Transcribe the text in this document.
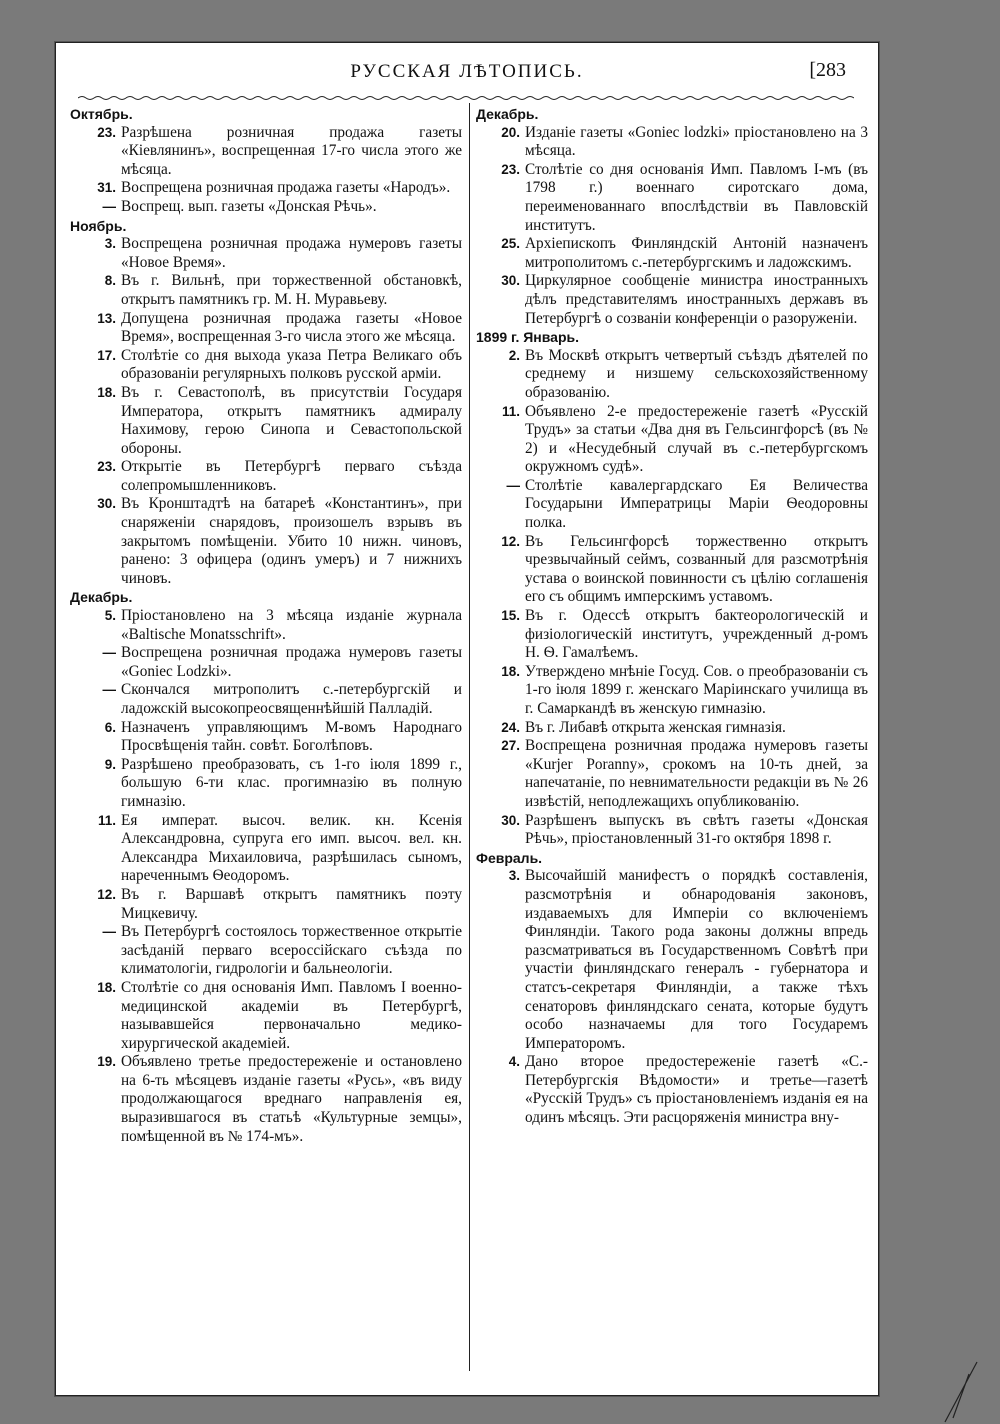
РУССКАЯ ЛѢТОПИСЬ.	[283
Октябрь.
23. Разрѣшена розничная продажа газеты «Кіевлянинъ», воспрещенная 17-го числа этого же мѣсяца.
31. Воспрещена розничная продажа газеты «Народъ».
— Воспрещ. вып. газеты «Донская Рѣчь».
Ноябрь.
3. Воспрещена розничная продажа нумеровъ газеты «Новое Время».
8. Въ г. Вильнѣ, при торжественной обстановкѣ, открытъ памятникъ гр. М. Н. Муравьеву.
13. Допущена розничная продажа газеты «Новое Время», воспрещенная 3-го числа этого же мѣсяца.
17. Столѣтіе со дня выхода указа Петра Великаго объ образованіи регулярныхъ полковъ русской арміи.
18. Въ г. Севастополѣ, въ присутствіи Государя Императора, открытъ памятникъ адмиралу Нахимову, герою Синопа и Севастопольской обороны.
23. Открытіе въ Петербургѣ перваго съѣзда солепромышленниковъ.
30. Въ Кронштадтѣ на батареѣ «Константинъ», при снаряженіи снарядовъ, произошелъ взрывъ въ закрытомъ помѣщеніи. Убито 10 нижн. чиновъ, ранено: 3 офицера (одинъ умеръ) и 7 нижнихъ чиновъ.
Декабрь.
5. Пріостановлено на 3 мѣсяца изданіе журнала «Baltische Monatsschrift».
— Воспрещена розничная продажа нумеровъ газеты «Goniec Lodzki».
— Скончался митрополитъ с.-петербургскій и ладожскій высокопреосвященнѣйшій Палладій.
6. Назначенъ управляющимъ М-вомъ Народнаго Просвѣщенія тайн. совѣт. Боголѣповъ.
9. Разрѣшено преобразовать, съ 1-го іюля 1899 г., большую 6-ти клас. прогимназію въ полную гимназію.
11. Ея императ. высоч. велик. кн. Ксенія Александровна, супруга его имп. высоч. вел. кн. Александра Михаиловича, разрѣшилась сыномъ, нареченнымъ Ѳеодоромъ.
12. Въ г. Варшавѣ открытъ памятникъ поэту Мицкевичу.
— Въ Петербургѣ состоялось торжественное открытіе засѣданій перваго всероссійскаго съѣзда по климатологіи, гидрологіи и бальнеологіи.
18. Столѣтіе со дня основанія Имп. Павломъ I военно-медицинской академіи въ Петербургѣ, называвшейся первоначально медико-хирургической академіей.
19. Объявлено третье предостереженіе и остановлено на 6-ть мѣсяцевъ изданіе газеты «Русь», «въ виду продолжающагося вреднаго направленія ея, выразившагося въ статьѣ «Культурные земцы», помѣщенной въ № 174-мъ».
Декабрь.
20. Изданіе газеты «Goniec lodzki» пріостановлено на 3 мѣсяца.
23. Столѣтіе со дня основанія Имп. Павломъ I-мъ (въ 1798 г.) военнаго сиротскаго дома, переименованнаго впослѣдствіи въ Павловскій институтъ.
25. Архіепископъ Финляндскій Антоній назначенъ митрополитомъ с.-петербургскимъ и ладожскимъ.
30. Циркулярное сообщеніе министра иностранныхъ дѣлъ представителямъ иностранныхъ державъ въ Петербургѣ о созваніи конференціи о разоруженіи.
1899 г. Январь.
2. Въ Москвѣ открытъ четвертый съѣздъ дѣятелей по среднему и низшему сельскохозяйственному образованію.
11. Объявлено 2-е предостереженіе газетѣ «Русскій Трудъ» за статьи «Два дня въ Гельсингфорсѣ (въ № 2) и «Несудебный случай въ с.-петербургскомъ окружномъ судѣ».
— Столѣтіе кавалергардскаго Ея Величества Государыни Императрицы Маріи Ѳеодоровны полка.
12. Въ Гельсингфорсѣ торжественно открытъ чрезвычайный сеймъ, созванный для разсмотрѣнія устава о воинской повинности съ цѣлію соглашенія его съ общимъ имперскимъ уставомъ.
15. Въ г. Одессѣ открытъ бактеорологическій и физіологическій институтъ, учрежденный д-ромъ Н. Ѳ. Гамалѣемъ.
18. Утверждено мнѣніе Госуд. Сов. о преобразованіи съ 1-го іюля 1899 г. женскаго Маріинскаго училища въ г. Самаркандѣ въ женскую гимназію.
24. Въ г. Либавѣ открыта женская гимназія.
27. Воспрещена розничная продажа нумеровъ газеты «Kurjer Poranny», срокомъ на 10-ть дней, за напечатаніе, по невнимательности редакціи въ № 26 извѣстій, неподлежащихъ опубликованію.
30. Разрѣшенъ выпускъ въ свѣтъ газеты «Донская Рѣчь», пріостановленный 31-го октября 1898 г.
Февраль.
3. Высочайшій манифестъ о порядкѣ составленія, разсмотрѣнія и обнародованія законовъ, издаваемыхъ для Имперіи со включеніемъ Финляндіи. Такого рода законы должны впредь разсматриваться въ Государственномъ Совѣтѣ при участіи финляндскаго генералъ - губернатора и статсъ-секретаря Финляндіи, а также тѣхъ сенаторовъ финляндскаго сената, которые будутъ особо назначаемы для того Государемъ Императоромъ.
4. Дано второе предостереженіе газетѣ «С.-Петербургскія Вѣдомости» и третье—газетѣ «Русскій Трудъ» съ пріостановленіемъ изданія ея на одинъ мѣсяцъ. Эти расцоряженія министра вну-
